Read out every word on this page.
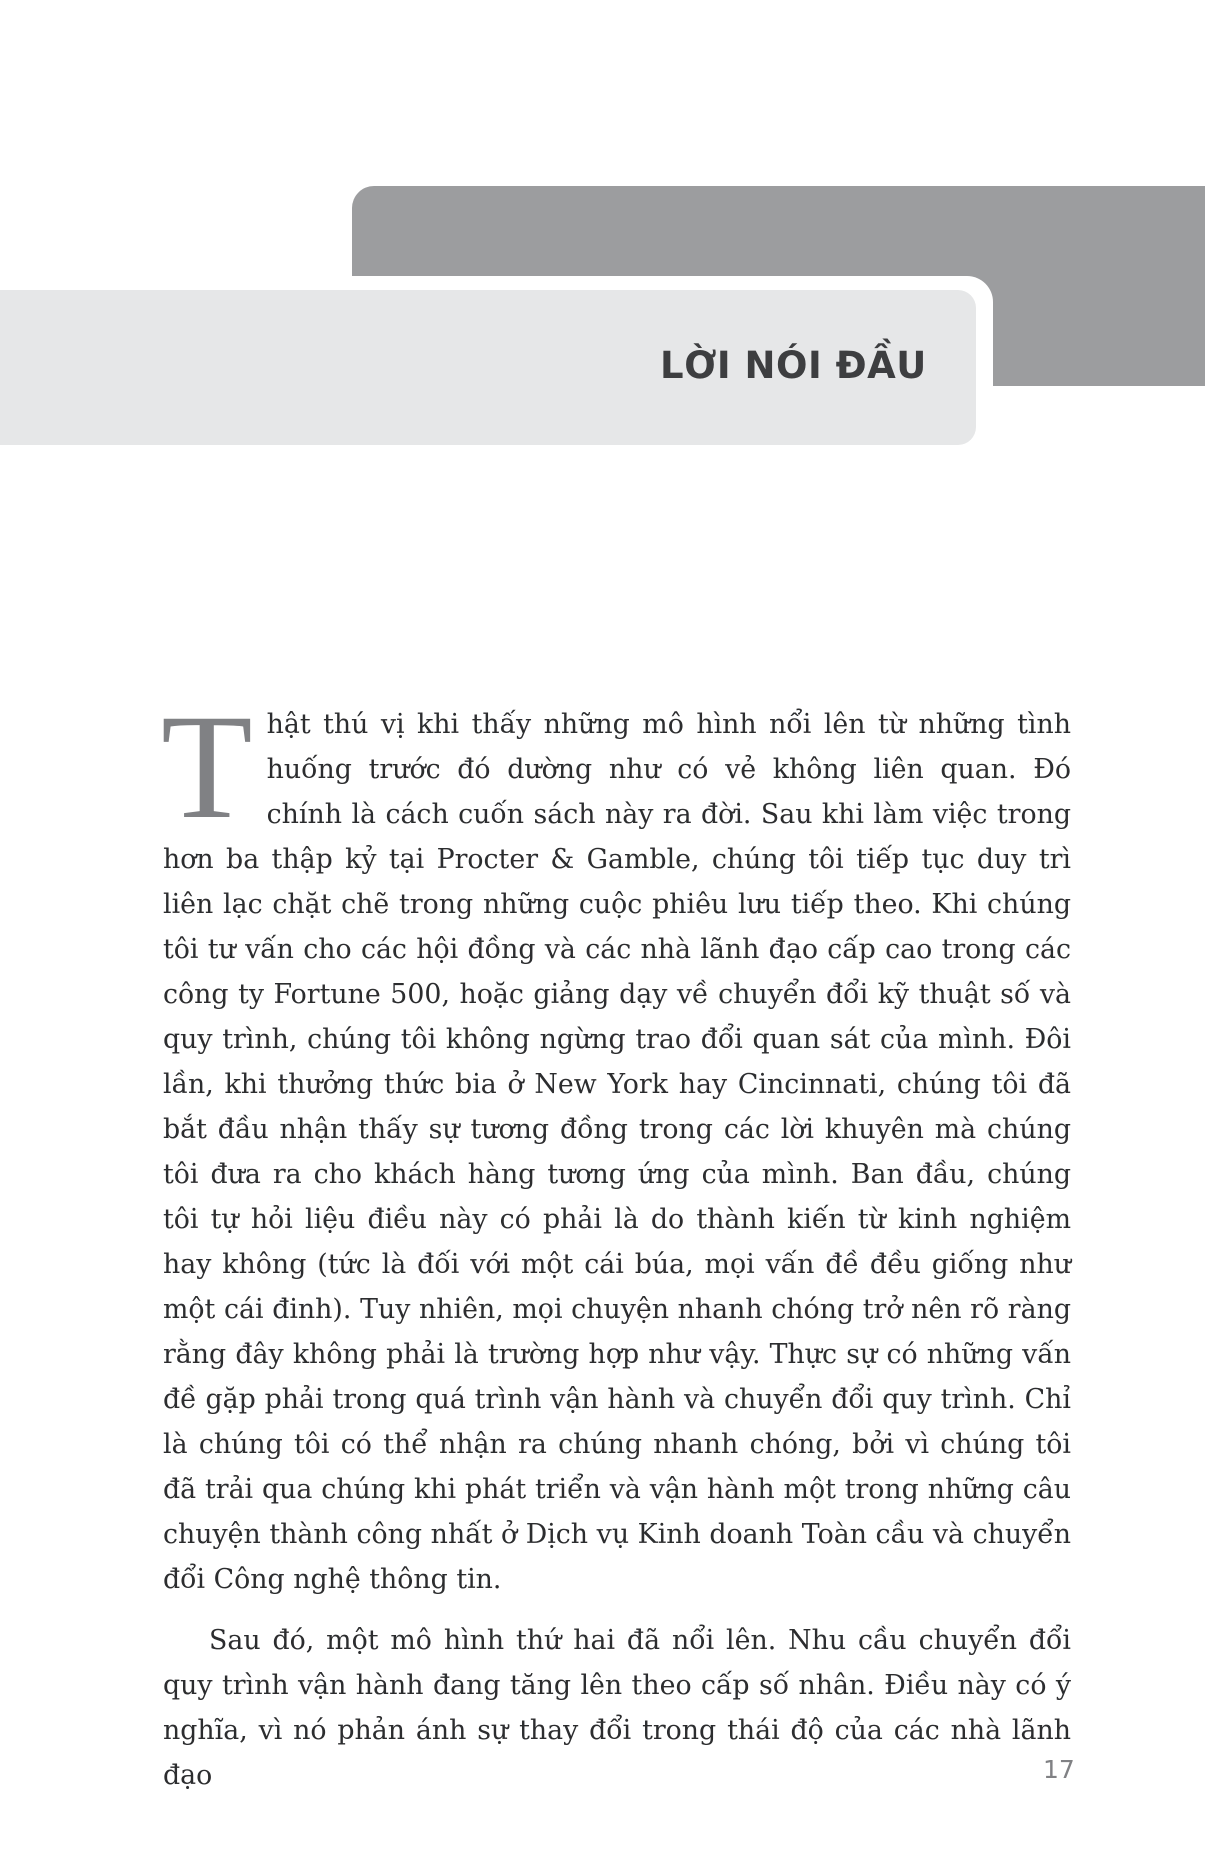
LỜI NÓI ĐẦU

Thật thú vị khi thấy những mô hình nổi lên từ những tình huống trước đó dường như có vẻ không liên quan. Đó chính là cách cuốn sách này ra đời. Sau khi làm việc trong hơn ba thập kỷ tại Procter & Gamble, chúng tôi tiếp tục duy trì liên lạc chặt chẽ trong những cuộc phiêu lưu tiếp theo. Khi chúng tôi tư vấn cho các hội đồng và các nhà lãnh đạo cấp cao trong các công ty Fortune 500, hoặc giảng dạy về chuyển đổi kỹ thuật số và quy trình, chúng tôi không ngừng trao đổi quan sát của mình. Đôi lần, khi thưởng thức bia ở New York hay Cincinnati, chúng tôi đã bắt đầu nhận thấy sự tương đồng trong các lời khuyên mà chúng tôi đưa ra cho khách hàng tương ứng của mình. Ban đầu, chúng tôi tự hỏi liệu điều này có phải là do thành kiến từ kinh nghiệm hay không (tức là đối với một cái búa, mọi vấn đề đều giống như một cái đinh). Tuy nhiên, mọi chuyện nhanh chóng trở nên rõ ràng rằng đây không phải là trường hợp như vậy. Thực sự có những vấn đề gặp phải trong quá trình vận hành và chuyển đổi quy trình. Chỉ là chúng tôi có thể nhận ra chúng nhanh chóng, bởi vì chúng tôi đã trải qua chúng khi phát triển và vận hành một trong những câu chuyện thành công nhất ở Dịch vụ Kinh doanh Toàn cầu và chuyển đổi Công nghệ thông tin.

Sau đó, một mô hình thứ hai đã nổi lên. Nhu cầu chuyển đổi quy trình vận hành đang tăng lên theo cấp số nhân. Điều này có ý nghĩa, vì nó phản ánh sự thay đổi trong thái độ của các nhà lãnh đạo	17
